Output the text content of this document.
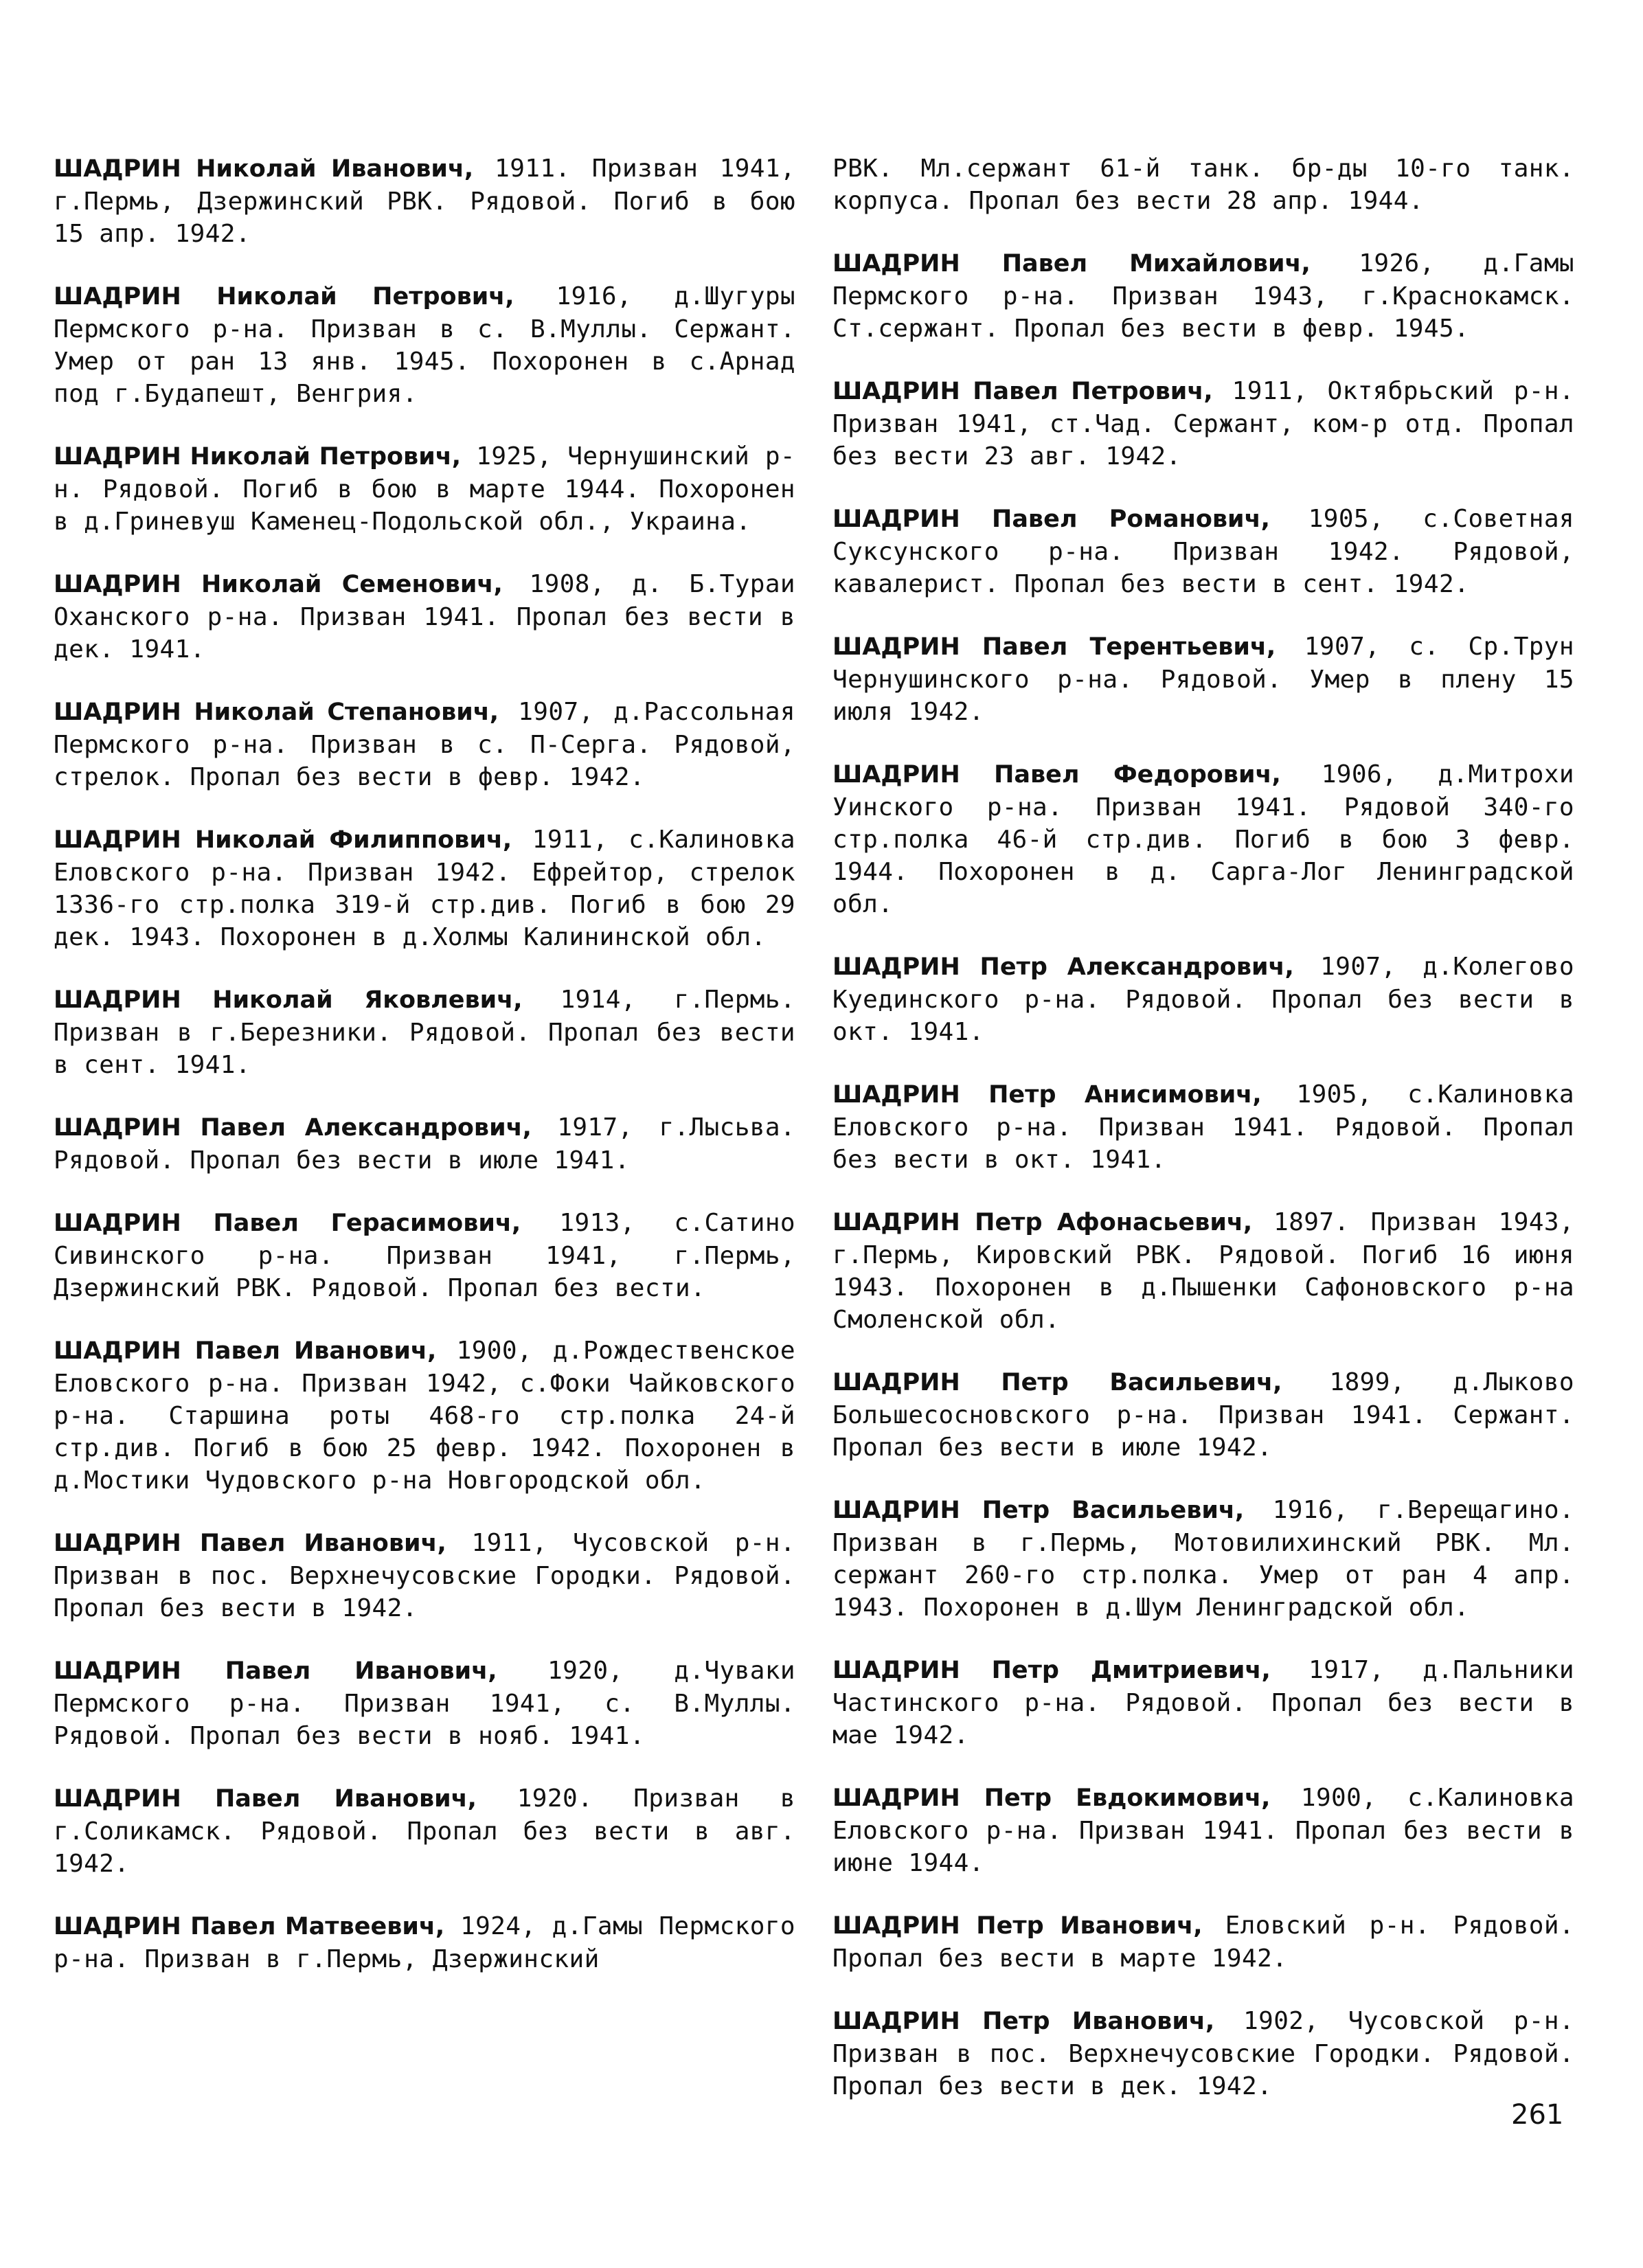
ШАДРИН Николай Иванович, 1911. Призван 1941, г.Пермь, Дзержинский РВК. Рядовой. Погиб в бою 15 апр. 1942.
ШАДРИН Николай Петрович, 1916, д.Шугуры Пермского р-на. Призван в с. В.Муллы. Сержант. Умер от ран 13 янв. 1945. Похоронен в с.Арнад под г.Будапешт, Венгрия.
ШАДРИН Николай Петрович, 1925, Чернушинский р-н. Рядовой. Погиб в бою в марте 1944. Похоронен в д.Гриневуш Каменец-Подольской обл., Украина.
ШАДРИН Николай Семенович, 1908, д. Б.Тураи Оханского р-на. Призван 1941. Пропал без вести в дек. 1941.
ШАДРИН Николай Степанович, 1907, д.Рассольная Пермского р-на. Призван в с. П-Серга. Рядовой, стрелок. Пропал без вести в февр. 1942.
ШАДРИН Николай Филиппович, 1911, с.Калиновка Еловского р-на. Призван 1942. Ефрейтор, стрелок 1336-го стр.полка 319-й стр.див. Погиб в бою 29 дек. 1943. Похоронен в д.Холмы Калининской обл.
ШАДРИН Николай Яковлевич, 1914, г.Пермь. Призван в г.Березники. Рядовой. Пропал без вести в сент. 1941.
ШАДРИН Павел Александрович, 1917, г.Лысьва. Рядовой. Пропал без вести в июле 1941.
ШАДРИН Павел Герасимович, 1913, с.Сатино Сивинского р-на. Призван 1941, г.Пермь, Дзержинский РВК. Рядовой. Пропал без вести.
ШАДРИН Павел Иванович, 1900, д.Рождественское Еловского р-на. Призван 1942, с.Фоки Чайковского р-на. Старшина роты 468-го стр.полка 24-й стр.див. Погиб в бою 25 февр. 1942. Похоронен в д.Мостики Чудовского р-на Новгородской обл.
ШАДРИН Павел Иванович, 1911, Чусовской р-н. Призван в пос. Верхнечусовские Городки. Рядовой. Пропал без вести в 1942.
ШАДРИН Павел Иванович, 1920, д.Чуваки Пермского р-на. Призван 1941, с. В.Муллы. Рядовой. Пропал без вести в нояб. 1941.
ШАДРИН Павел Иванович, 1920. Призван в г.Соликамск. Рядовой. Пропал без вести в авг. 1942.
ШАДРИН Павел Матвеевич, 1924, д.Гамы Пермского р-на. Призван в г.Пермь, Дзержинский
РВК. Мл.сержант 61-й танк. бр-ды 10-го танк. корпуса. Пропал без вести 28 апр. 1944.
ШАДРИН Павел Михайлович, 1926, д.Гамы Пермского р-на. Призван 1943, г.Краснокамск. Ст.сержант. Пропал без вести в февр. 1945.
ШАДРИН Павел Петрович, 1911, Октябрьский р-н. Призван 1941, ст.Чад. Сержант, ком-р отд. Пропал без вести 23 авг. 1942.
ШАДРИН Павел Романович, 1905, с.Советная Суксунского р-на. Призван 1942. Рядовой, кавалерист. Пропал без вести в сент. 1942.
ШАДРИН Павел Терентьевич, 1907, с. Ср.Трун Чернушинского р-на. Рядовой. Умер в плену 15 июля 1942.
ШАДРИН Павел Федорович, 1906, д.Митрохи Уинского р-на. Призван 1941. Рядовой 340-го стр.полка 46-й стр.див. Погиб в бою 3 февр. 1944. Похоронен в д. Сарга-Лог Ленинградской обл.
ШАДРИН Петр Александрович, 1907, д.Колегово Куединского р-на. Рядовой. Пропал без вести в окт. 1941.
ШАДРИН Петр Анисимович, 1905, с.Калиновка Еловского р-на. Призван 1941. Рядовой. Пропал без вести в окт. 1941.
ШАДРИН Петр Афонасьевич, 1897. Призван 1943, г.Пермь, Кировский РВК. Рядовой. Погиб 16 июня 1943. Похоронен в д.Пышенки Сафоновского р-на Смоленской обл.
ШАДРИН Петр Васильевич, 1899, д.Лыково Большесосновского р-на. Призван 1941. Сержант. Пропал без вести в июле 1942.
ШАДРИН Петр Васильевич, 1916, г.Верещагино. Призван в г.Пермь, Мотовилихинский РВК. Мл. сержант 260-го стр.полка. Умер от ран 4 апр. 1943. Похоронен в д.Шум Ленинградской обл.
ШАДРИН Петр Дмитриевич, 1917, д.Пальники Частинского р-на. Рядовой. Пропал без вести в мае 1942.
ШАДРИН Петр Евдокимович, 1900, с.Калиновка Еловского р-на. Призван 1941. Пропал без вести в июне 1944.
ШАДРИН Петр Иванович, Еловский р-н. Рядовой. Пропал без вести в марте 1942.
ШАДРИН Петр Иванович, 1902, Чусовской р-н. Призван в пос. Верхнечусовские Городки. Рядовой. Пропал без вести в дек. 1942.
261
